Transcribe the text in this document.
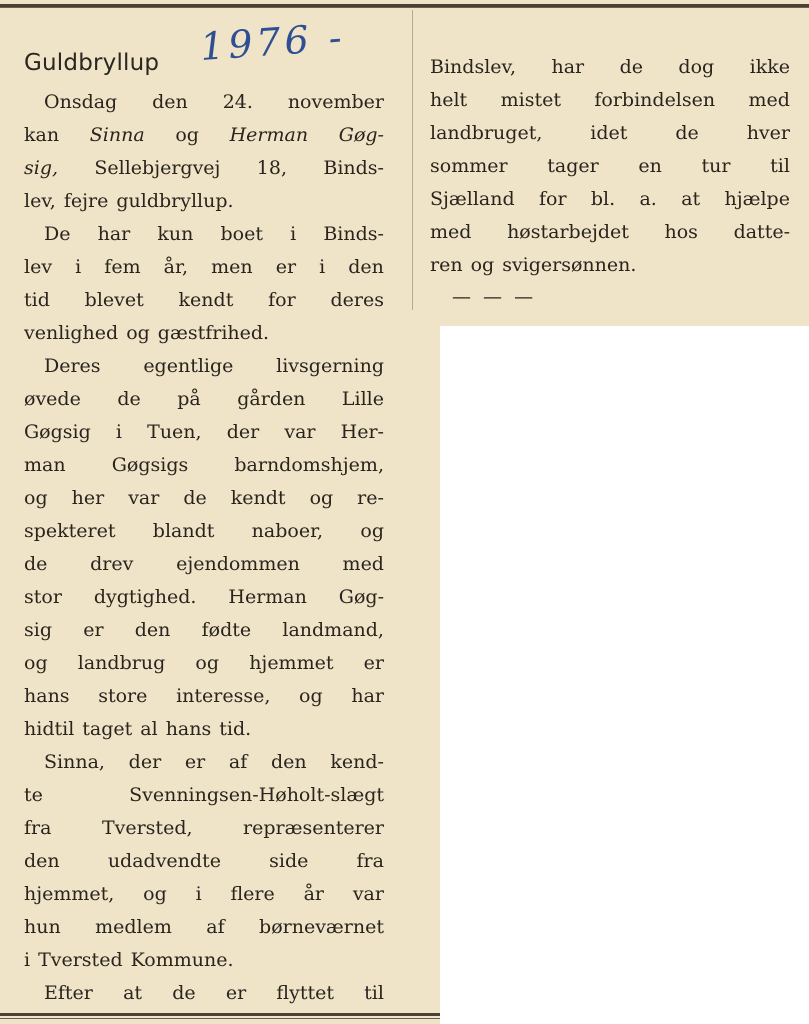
1976 -
Guldbryllup
Onsdag den 24. november
kan Sinna og Herman Gøg-
sig, Sellebjergvej 18, Binds-
lev, fejre guldbryllup.
De har kun boet i Binds-
lev i fem år, men er i den
tid blevet kendt for deres
venlighed og gæstfrihed.
Deres egentlige livsgerning
øvede de på gården Lille
Gøgsig i Tuen, der var Her-
man Gøgsigs barndomshjem,
og her var de kendt og re-
spekteret blandt naboer, og
de drev ejendommen med
stor dygtighed. Herman Gøg-
sig er den fødte landmand,
og landbrug og hjemmet er
hans store interesse, og har
hidtil taget al hans tid.
Sinna, der er af den kend-
te	Svenningsen-Høholt-slægt
fra	Tversted,	repræsenterer
den	udadvendte	side	fra
hjemmet, og i flere år var
hun medlem af børneværnet
i Tversted Kommune.
Efter at de er flyttet til
Bindslev, har de dog ikke
helt mistet forbindelsen med
landbruget,	idet	de	hver
sommer tager en tur til
Sjælland for bl. a. at hjælpe
med høstarbejdet hos datte-
ren og svigersønnen.
— — —
